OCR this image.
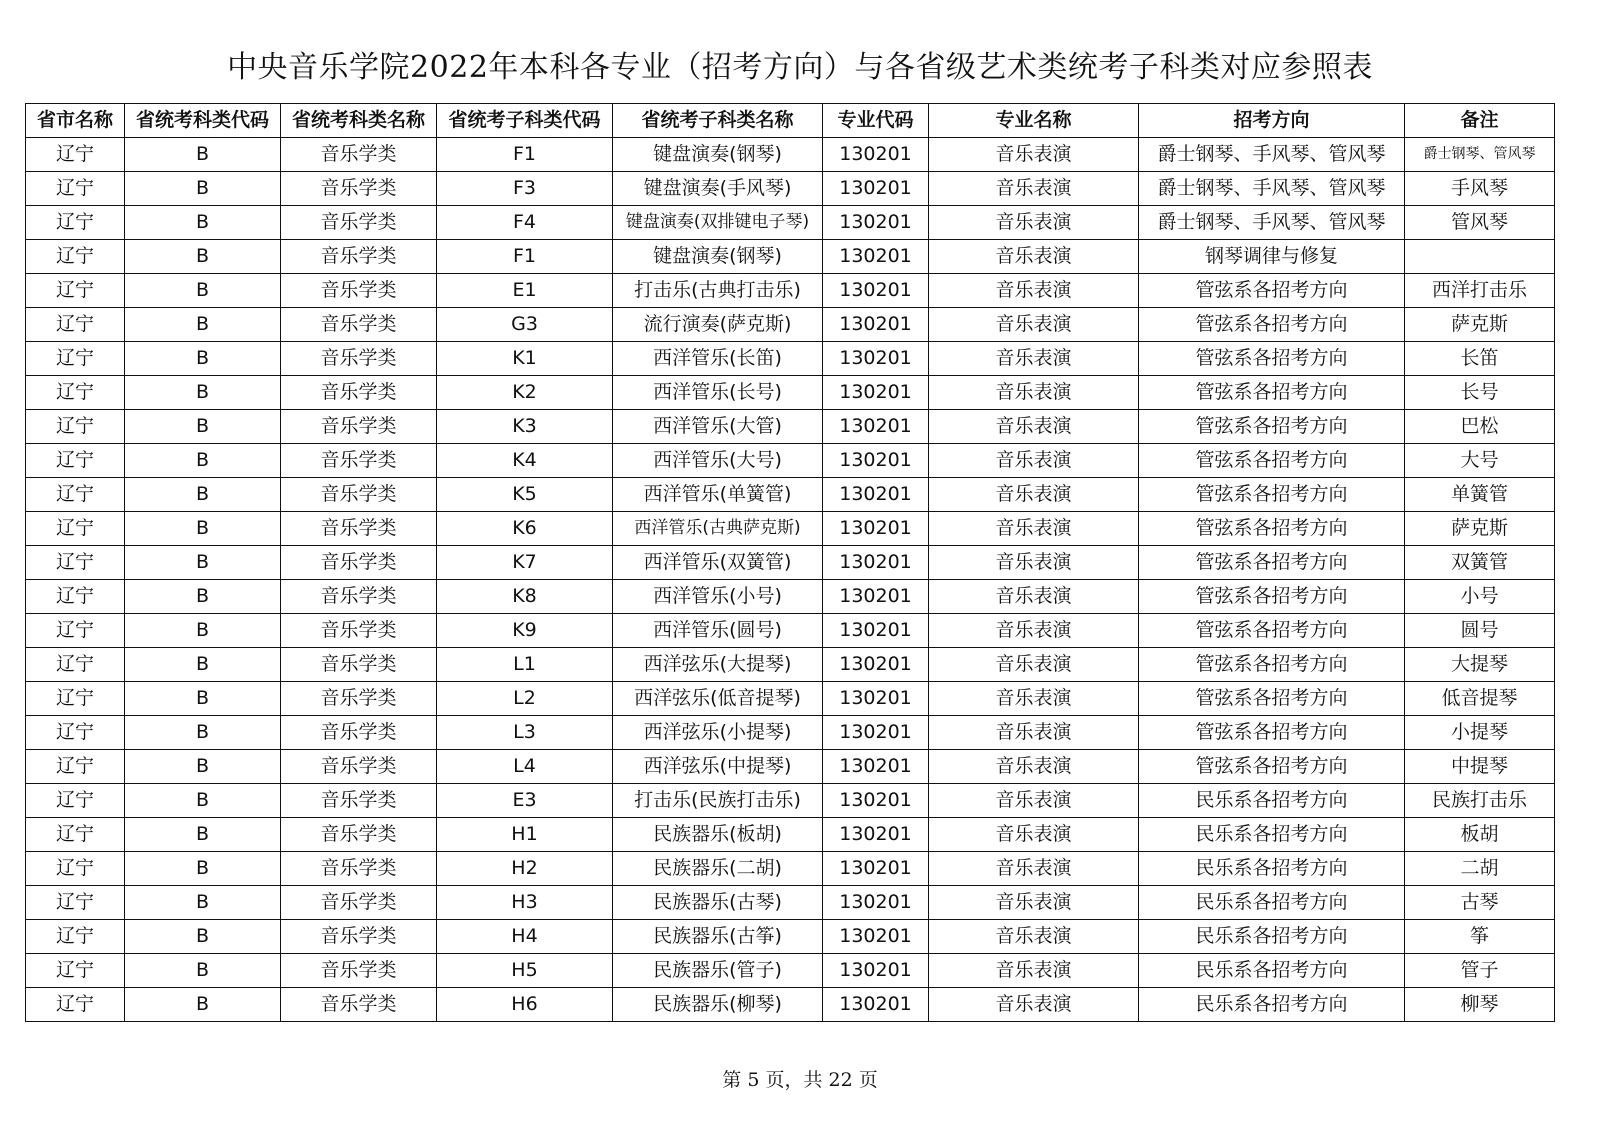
中央音乐学院2022年本科各专业（招考方向）与各省级艺术类统考子科类对应参照表
省市名称	省统考科类代码	省统考科类名称	省统考子科类代码	省统考子科类名称	专业代码	专业名称	招考方向	备注
辽宁	B	音乐学类	F1	键盘演奏(钢琴)	130201	音乐表演	爵士钢琴、手风琴、管风琴	爵士钢琴、管风琴
辽宁	B	音乐学类	F3	键盘演奏(手风琴)	130201	音乐表演	爵士钢琴、手风琴、管风琴	手风琴
辽宁	B	音乐学类	F4	键盘演奏(双排键电子琴)	130201	音乐表演	爵士钢琴、手风琴、管风琴	管风琴
辽宁	B	音乐学类	F1	键盘演奏(钢琴)	130201	音乐表演	钢琴调律与修复	
辽宁	B	音乐学类	E1	打击乐(古典打击乐)	130201	音乐表演	管弦系各招考方向	西洋打击乐
辽宁	B	音乐学类	G3	流行演奏(萨克斯)	130201	音乐表演	管弦系各招考方向	萨克斯
辽宁	B	音乐学类	K1	西洋管乐(长笛)	130201	音乐表演	管弦系各招考方向	长笛
辽宁	B	音乐学类	K2	西洋管乐(长号)	130201	音乐表演	管弦系各招考方向	长号
辽宁	B	音乐学类	K3	西洋管乐(大管)	130201	音乐表演	管弦系各招考方向	巴松
辽宁	B	音乐学类	K4	西洋管乐(大号)	130201	音乐表演	管弦系各招考方向	大号
辽宁	B	音乐学类	K5	西洋管乐(单簧管)	130201	音乐表演	管弦系各招考方向	单簧管
辽宁	B	音乐学类	K6	西洋管乐(古典萨克斯)	130201	音乐表演	管弦系各招考方向	萨克斯
辽宁	B	音乐学类	K7	西洋管乐(双簧管)	130201	音乐表演	管弦系各招考方向	双簧管
辽宁	B	音乐学类	K8	西洋管乐(小号)	130201	音乐表演	管弦系各招考方向	小号
辽宁	B	音乐学类	K9	西洋管乐(圆号)	130201	音乐表演	管弦系各招考方向	圆号
辽宁	B	音乐学类	L1	西洋弦乐(大提琴)	130201	音乐表演	管弦系各招考方向	大提琴
辽宁	B	音乐学类	L2	西洋弦乐(低音提琴)	130201	音乐表演	管弦系各招考方向	低音提琴
辽宁	B	音乐学类	L3	西洋弦乐(小提琴)	130201	音乐表演	管弦系各招考方向	小提琴
辽宁	B	音乐学类	L4	西洋弦乐(中提琴)	130201	音乐表演	管弦系各招考方向	中提琴
辽宁	B	音乐学类	E3	打击乐(民族打击乐)	130201	音乐表演	民乐系各招考方向	民族打击乐
辽宁	B	音乐学类	H1	民族器乐(板胡)	130201	音乐表演	民乐系各招考方向	板胡
辽宁	B	音乐学类	H2	民族器乐(二胡)	130201	音乐表演	民乐系各招考方向	二胡
辽宁	B	音乐学类	H3	民族器乐(古琴)	130201	音乐表演	民乐系各招考方向	古琴
辽宁	B	音乐学类	H4	民族器乐(古筝)	130201	音乐表演	民乐系各招考方向	筝
辽宁	B	音乐学类	H5	民族器乐(管子)	130201	音乐表演	民乐系各招考方向	管子
辽宁	B	音乐学类	H6	民族器乐(柳琴)	130201	音乐表演	民乐系各招考方向	柳琴
第 5 页，共 22 页
